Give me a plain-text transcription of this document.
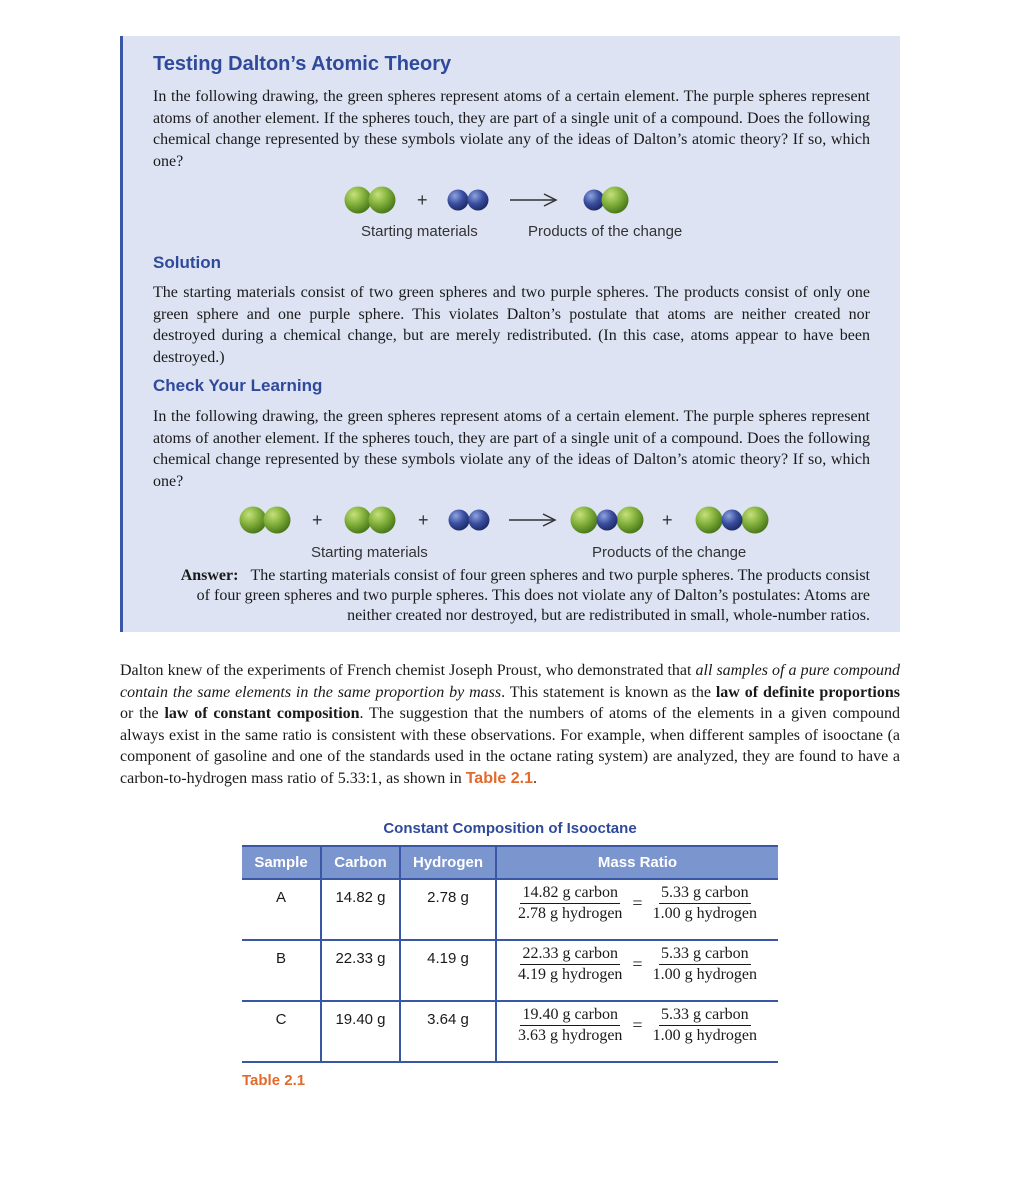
Testing Dalton’s Atomic Theory

In the following drawing, the green spheres represent atoms of a certain element. The purple spheres represent atoms of another element. If the spheres touch, they are part of a single unit of a compound. Does the following chemical change represented by these symbols violate any of the ideas of Dalton’s atomic theory? If so, which one?

+
Starting materials	Products of the change
Solution

The starting materials consist of two green spheres and two purple spheres. The products consist of only one green sphere and one purple sphere. This violates Dalton’s postulate that atoms are neither created nor destroyed during a chemical change, but are merely redistributed. (In this case, atoms appear to have been destroyed.)

Check Your Learning

In the following drawing, the green spheres represent atoms of a certain element. The purple spheres represent atoms of another element. If the spheres touch, they are part of a single unit of a compound. Does the following chemical change represented by these symbols violate any of the ideas of Dalton’s atomic theory? If so, which one?

+	+	+
Starting materials	Products of the change
Answer: The starting materials consist of four green spheres and two purple spheres. The products consist
of four green spheres and two purple spheres. This does not violate any of Dalton’s postulates: Atoms are
neither created nor destroyed, but are redistributed in small, whole-number ratios.

Dalton knew of the experiments of French chemist Joseph Proust, who demonstrated that all samples of a pure compound contain the same elements in the same proportion by mass. This statement is known as the law of definite proportions or the law of constant composition. The suggestion that the numbers of atoms of the elements in a given compound always exist in the same ratio is consistent with these observations. For example, when different samples of isooctane (a component of gasoline and one of the standards used in the octane rating system) are analyzed, they are found to have a carbon-to-hydrogen mass ratio of 5.33:1, as shown in Table 2.1.

Constant Composition of Isooctane
Sample	Carbon	Hydrogen	Mass Ratio
A	14.82 g	2.78 g	$\frac{\text{14.82 g carbon}}{\text{2.78 g hydrogen}} = \frac{\text{5.33 g carbon}}{\text{1.00 g hydrogen}}$

B	22.33 g	4.19 g	$\frac{\text{22.33 g carbon}}{\text{4.19 g hydrogen}} = \frac{\text{5.33 g carbon}}{\text{1.00 g hydrogen}}$

C	19.40 g	3.64 g	$\frac{\text{19.40 g carbon}}{\text{3.63 g hydrogen}} = \frac{\text{5.33 g carbon}}{\text{1.00 g hydrogen}}$
Table 2.1
